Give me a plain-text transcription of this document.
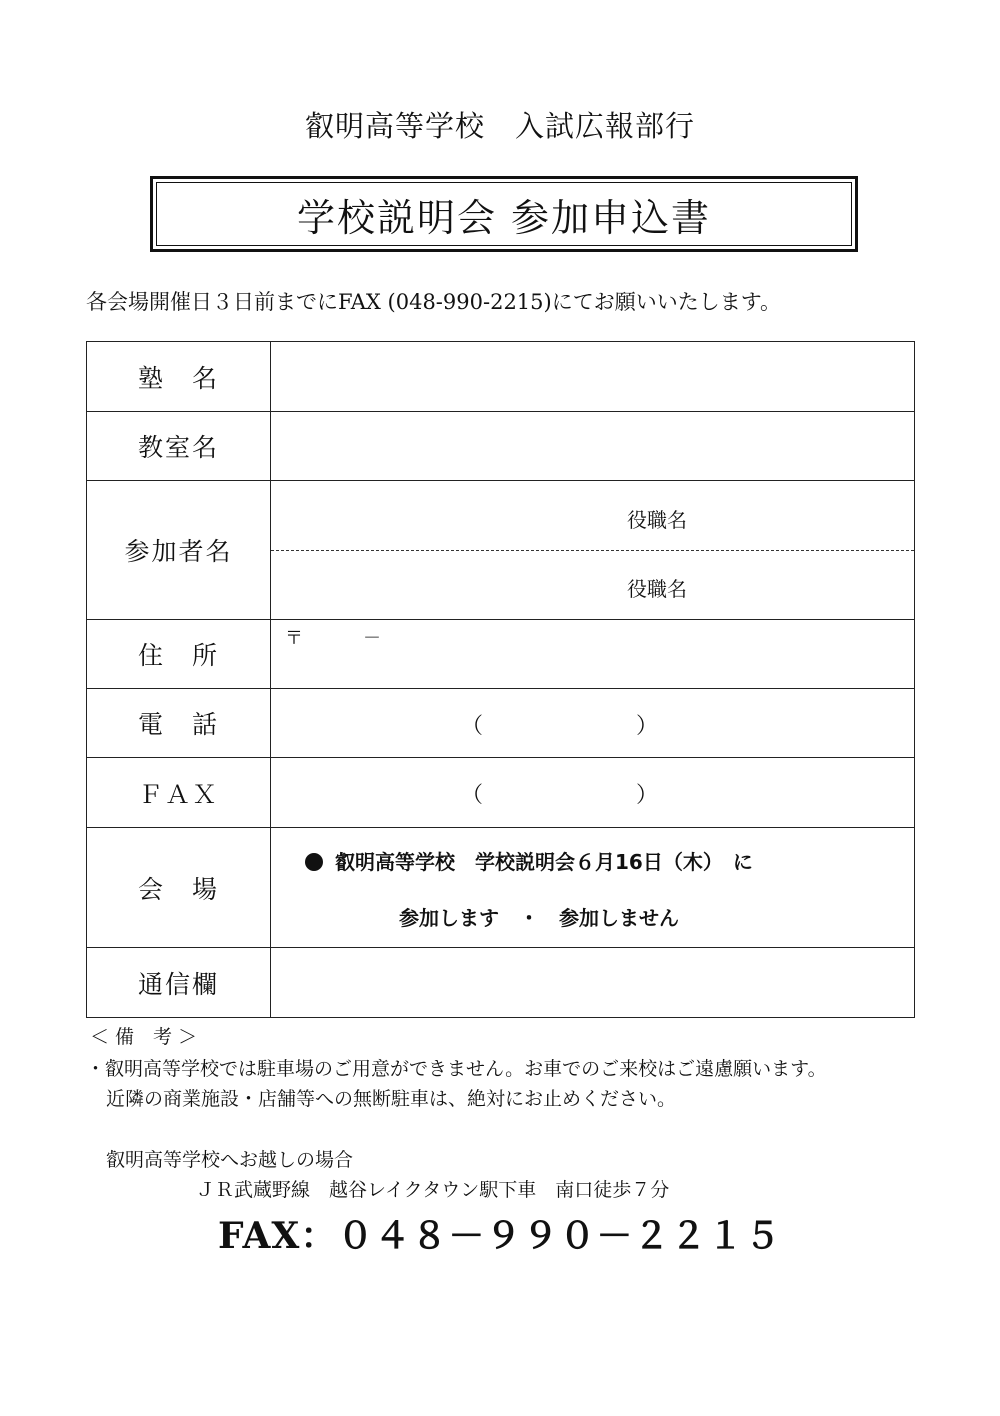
叡明高等学校　入試広報部行
学校説明会 参加申込書
各会場開催日３日前までにFAX (048-990-2215)にてお願いいたします。
塾　名	
教室名	
参加者名	役職名
役職名

住　所	〒 －

電　話	（ ）

ＦＡＸ	（ ）

会　場	叡明高等学校　学校説明会６月16日（木）　に
参加します　・　参加しません

通信欄	
＜ 備　考 ＞
・叡明高等学校では駐車場のご用意ができません。お車でのご来校はご遠慮願います。
近隣の商業施設・店舗等への無断駐車は、絶対にお止めください。
叡明高等学校へお越しの場合
ＪＲ武蔵野線　越谷レイクタウン駅下車　南口徒歩７分
FAX：０４８－９９０－２２１５
